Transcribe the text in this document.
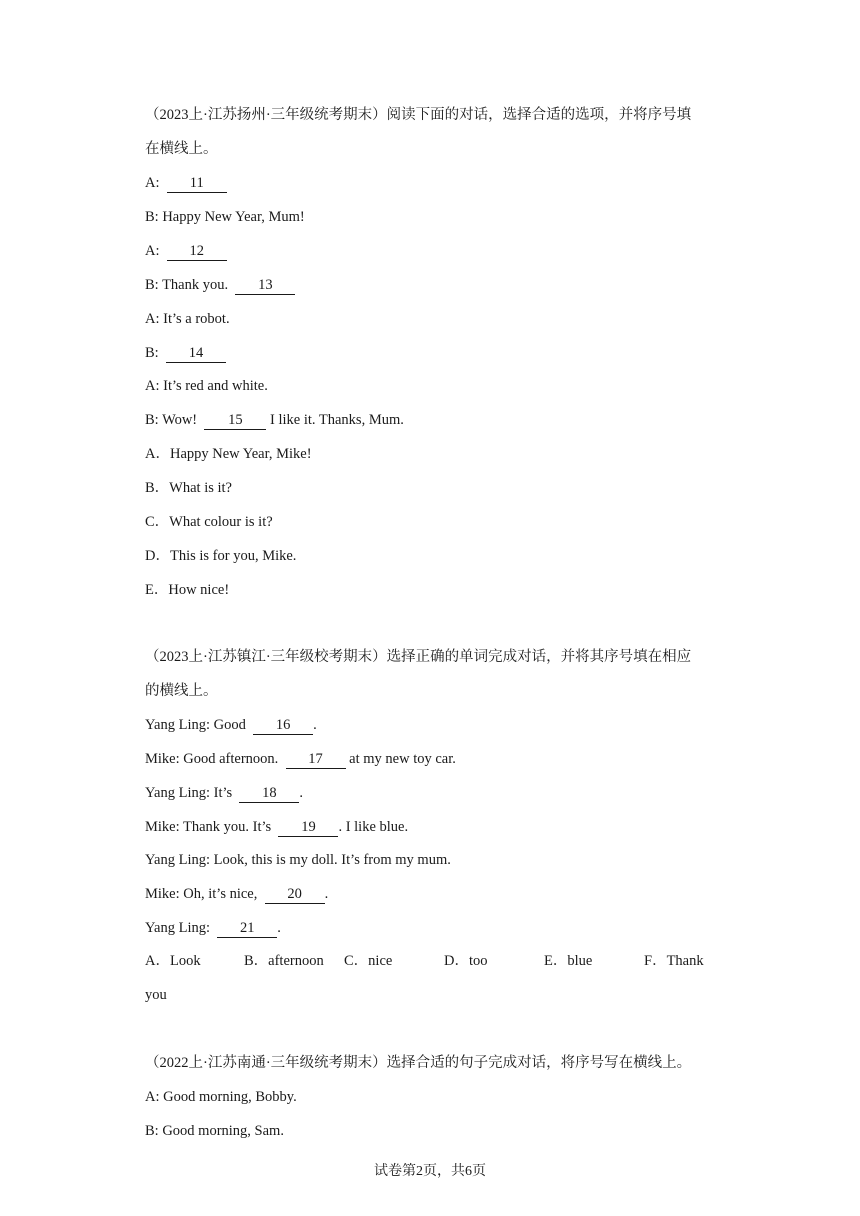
（2023上·江苏扬州·三年级统考期末）阅读下面的对话，选择合适的选项，并将序号填
在横线上。
A:  11
B: Happy New Year, Mum!
A:  12
B: Thank you.  13
A: It’s a robot.
B:  14
A: It’s red and white.
B: Wow!  15 I like it. Thanks, Mum.
A．Happy New Year, Mike!
B．What is it?
C．What colour is it?
D．This is for you, Mike.
E．How nice!
（2023上·江苏镇江·三年级校考期末）选择正确的单词完成对话，并将其序号填在相应
的横线上。
Yang Ling: Good  16 .
Mike: Good afternoon.  17 at my new toy car.
Yang Ling: It’s  18 .
Mike: Thank you. It’s  19 . I like blue.
Yang Ling: Look, this is my doll. It’s from my mum.
Mike: Oh, it’s nice,  20 .
Yang Ling:  21 .
A．Look	B．afternoon C．nice	D．too	E．blue	F．Thank
you
（2022上·江苏南通·三年级统考期末）选择合适的句子完成对话，将序号写在横线上。
A: Good morning, Bobby.
B: Good morning, Sam.
试卷第2页，共6页
